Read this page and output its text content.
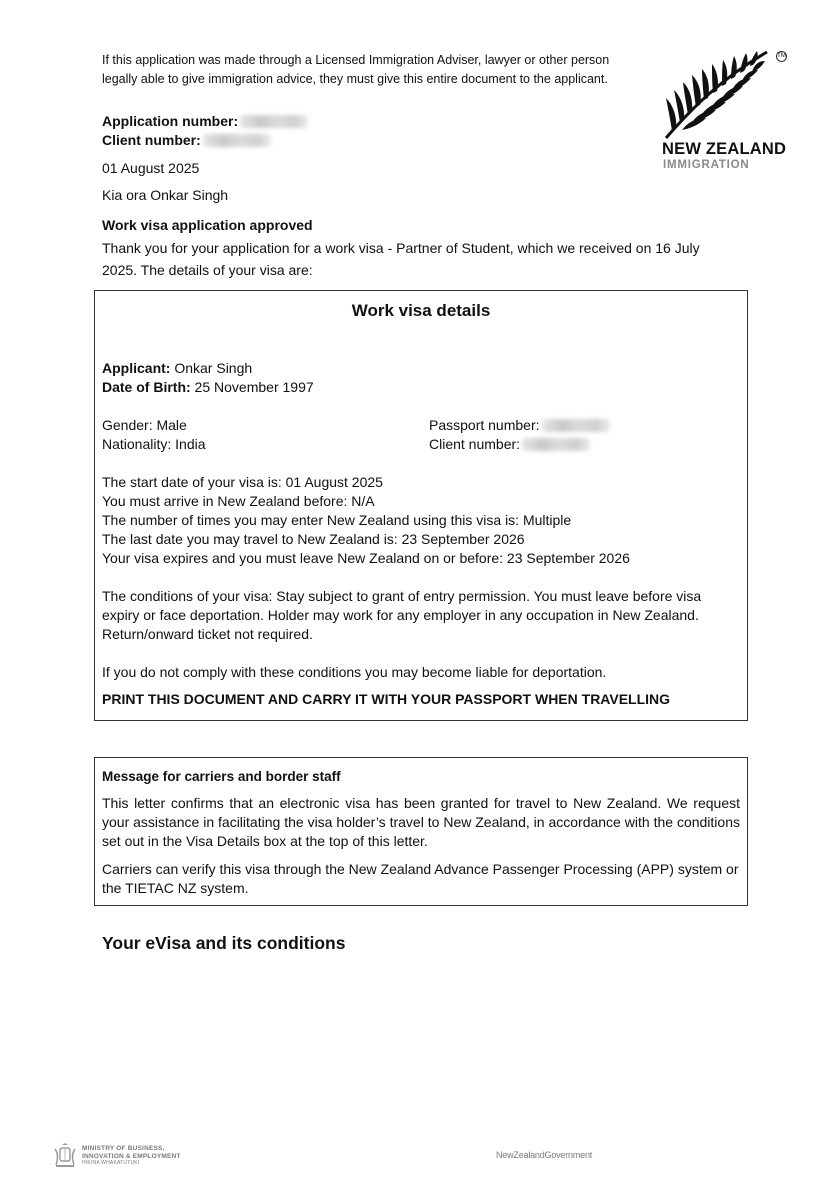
If this application was made through a Licensed Immigration Adviser, lawyer or other person
legally able to give immigration advice, they must give this entire document to the applicant.
TM
NEW ZEALAND
IMMIGRATION
Application number:
Client number:
01 August 2025
Kia ora Onkar Singh
Work visa application approved
Thank you for your application for a work visa - Partner of Student, which we received on 16 July
2025. The details of your visa are:
Work visa details
Applicant: Onkar Singh
Date of Birth: 25 November 1997
Gender: Male
Nationality: India
Passport number:
Client number:
The start date of your visa is: 01 August 2025
You must arrive in New Zealand before: N/A
The number of times you may enter New Zealand using this visa is: Multiple
The last date you may travel to New Zealand is: 23 September 2026
Your visa expires and you must leave New Zealand on or before: 23 September 2026
The conditions of your visa: Stay subject to grant of entry permission. You must leave before visa
expiry or face deportation. Holder may work for any employer in any occupation in New Zealand.
Return/onward ticket not required.
If you do not comply with these conditions you may become liable for deportation.
PRINT THIS DOCUMENT AND CARRY IT WITH YOUR PASSPORT WHEN TRAVELLING
Message for carriers and border staff
This letter confirms that an electronic visa has been granted for travel to New Zealand. We request your assistance in facilitating the visa holder’s travel to New Zealand, in accordance with the conditions set out in the Visa Details box at the top of this letter.
Carriers can verify this visa through the New Zealand Advance Passenger Processing (APP) system or the TIETAC NZ system.
Your eVisa and its conditions
MINISTRY OF BUSINESS,
INNOVATION & EMPLOYMENT
HĪKINA WHAKATUTUKI
NewZealandGovernment
